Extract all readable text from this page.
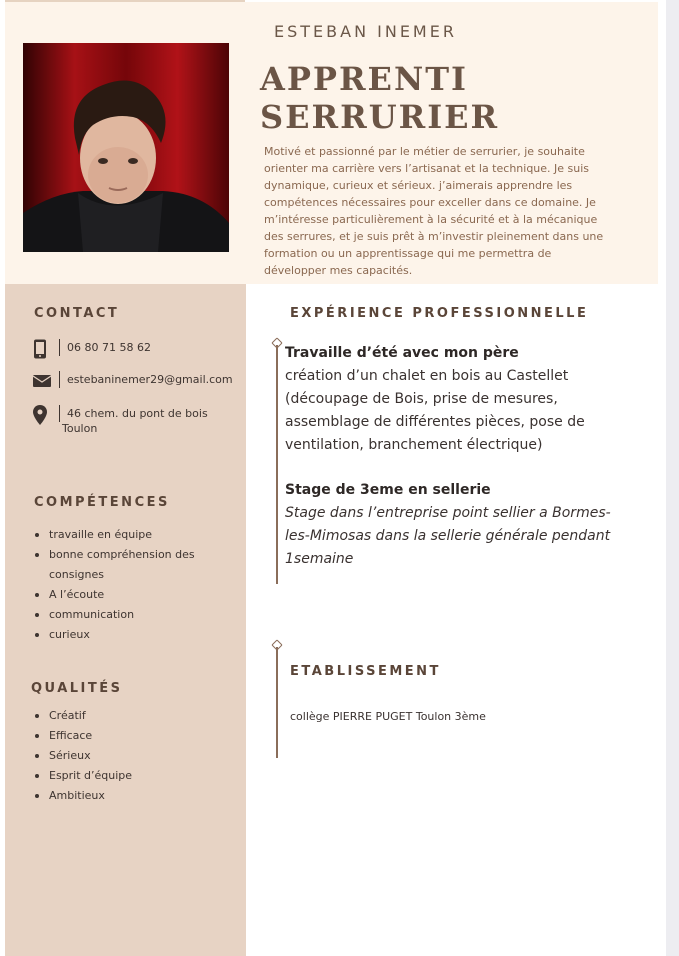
ESTEBAN INEMER
APPRENTI
SERRURIER
Motivé et passionné par le métier de serrurier, je souhaite orienter ma carrière vers l’artisanat et la technique. Je suis dynamique, curieux et sérieux. j’aimerais apprendre les compétences nécessaires pour exceller dans ce domaine. Je m’intéresse particulièrement à la sécurité et à la mécanique des serrures, et je suis prêt à m’investir pleinement dans une formation ou un apprentissage qui me permettra de développer mes capacités.
CONTACT
06 80 71 58 62
estebaninemer29@gmail.com
46 chem. du pont de bois
Toulon
COMPÉTENCES
travaille en équipe
bonne compréhension des consignes
A l’écoute
communication
curieux
QUALITÉS
Créatif
Efficace
Sérieux
Esprit d’équipe
Ambitieux
EXPÉRIENCE PROFESSIONNELLE
Travaille d’été avec mon père
création d’un chalet en bois au Castellet (découpage de Bois, prise de mesures, assemblage de différentes pièces, pose de ventilation, branchement électrique)
Stage de 3eme en sellerie
Stage dans l’entreprise point sellier a Bormes-les-Mimosas dans la sellerie générale pendant 1semaine
ETABLISSEMENT
collège PIERRE PUGET Toulon 3ème
